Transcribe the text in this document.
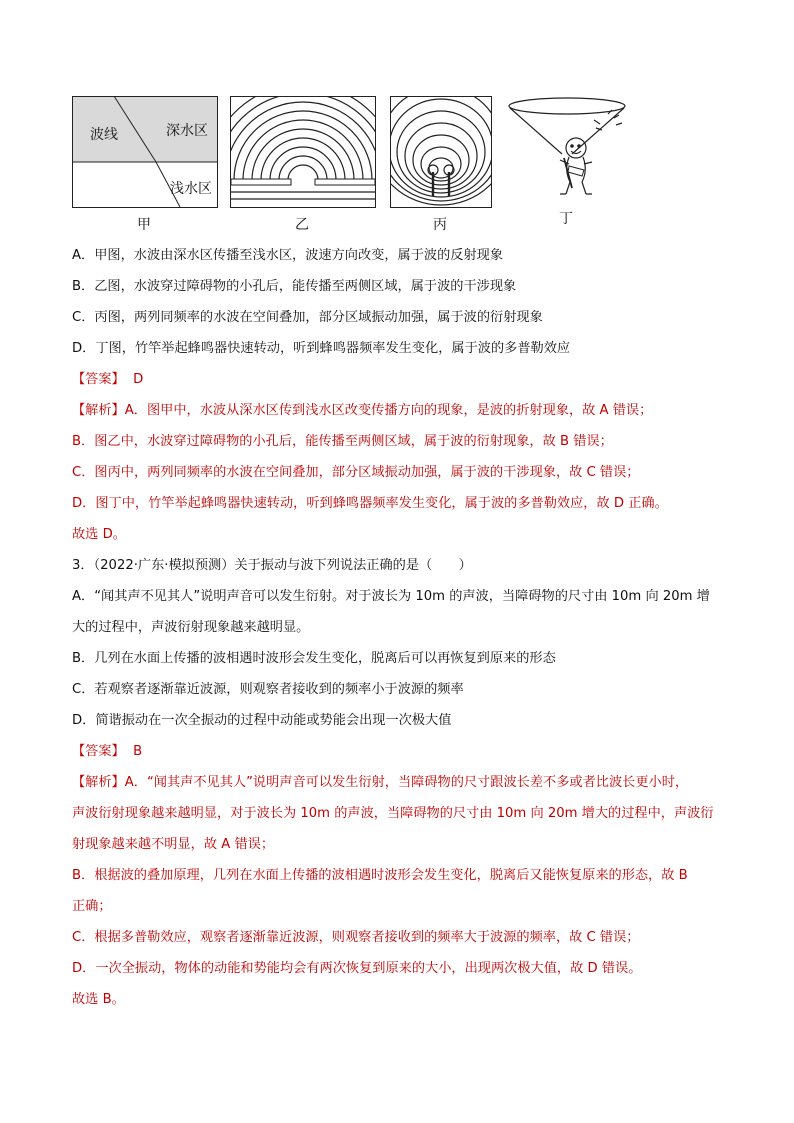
波线	深水区
浅水区
甲	乙	丙	丁
A．甲图，水波由深水区传播至浅水区，波速方向改变，属于波的反射现象
B．乙图，水波穿过障碍物的小孔后，能传播至两侧区域，属于波的干涉现象
C．丙图，两列同频率的水波在空间叠加，部分区域振动加强，属于波的衍射现象
D．丁图，竹竿举起蜂鸣器快速转动，听到蜂鸣器频率发生变化，属于波的多普勒效应
【答案】 D
【解析】A．图甲中，水波从深水区传到浅水区改变传播方向的现象，是波的折射现象，故 A 错误；
B．图乙中，水波穿过障碍物的小孔后，能传播至两侧区域，属于波的衍射现象，故 B 错误；
C．图丙中，两列同频率的水波在空间叠加，部分区域振动加强，属于波的干涉现象，故 C 错误；
D．图丁中，竹竿举起蜂鸣器快速转动，听到蜂鸣器频率发生变化，属于波的多普勒效应，故 D 正确。
故选 D。
3．（2022·广东·模拟预测）关于振动与波下列说法正确的是（　　）
A．“闻其声不见其人”说明声音可以发生衍射。对于波长为 10m 的声波，当障碍物的尺寸由 10m 向 20m 增
大的过程中，声波衍射现象越来越明显。
B．几列在水面上传播的波相遇时波形会发生变化，脱离后可以再恢复到原来的形态
C．若观察者逐渐靠近波源，则观察者接收到的频率小于波源的频率
D．简谐振动在一次全振动的过程中动能或势能会出现一次极大值
【答案】 B
【解析】A．“闻其声不见其人”说明声音可以发生衍射，当障碍物的尺寸跟波长差不多或者比波长更小时，
声波衍射现象越来越明显，对于波长为 10m 的声波，当障碍物的尺寸由 10m 向 20m 增大的过程中，声波衍
射现象越来越不明显，故 A 错误；
B．根据波的叠加原理，几列在水面上传播的波相遇时波形会发生变化，脱离后又能恢复原来的形态，故 B
正确；
C．根据多普勒效应，观察者逐渐靠近波源，则观察者接收到的频率大于波源的频率，故 C 错误；
D．一次全振动，物体的动能和势能均会有两次恢复到原来的大小，出现两次极大值，故 D 错误。
故选 B。
